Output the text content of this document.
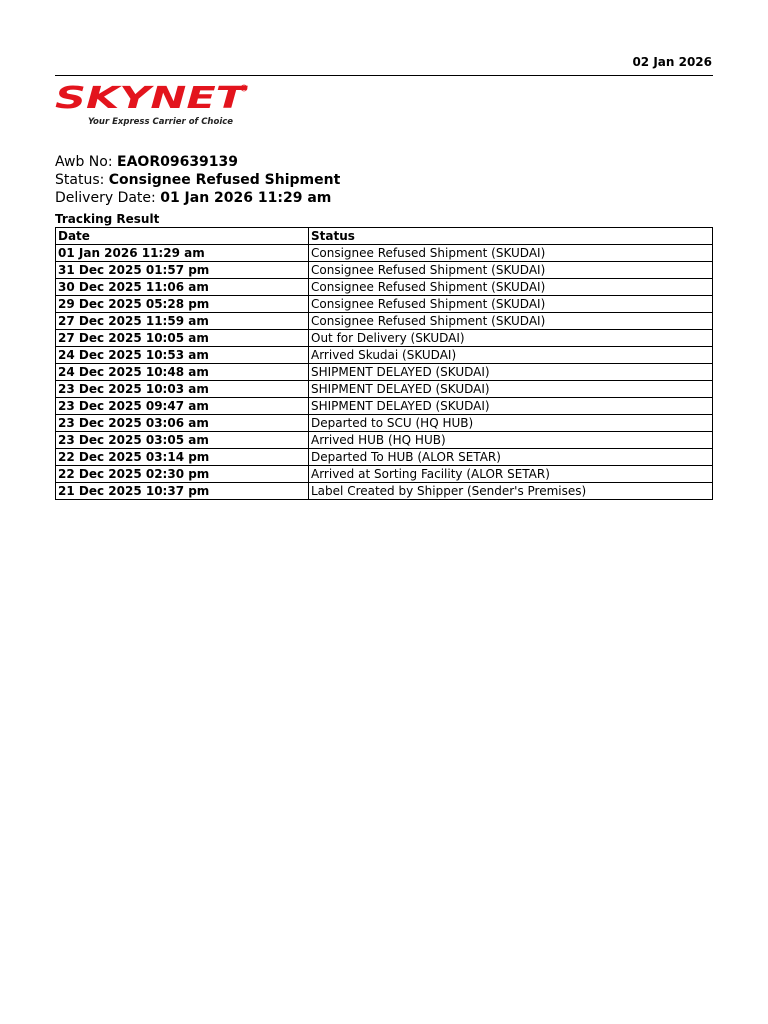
02 Jan 2026
SKYNET
Your Express Carrier of Choice
Awb No: EAOR09639139
Status: Consignee Refused Shipment
Delivery Date: 01 Jan 2026 11:29 am
Tracking Result
Date	Status
01 Jan 2026 11:29 am	Consignee Refused Shipment (SKUDAI)
31 Dec 2025 01:57 pm	Consignee Refused Shipment (SKUDAI)
30 Dec 2025 11:06 am	Consignee Refused Shipment (SKUDAI)
29 Dec 2025 05:28 pm	Consignee Refused Shipment (SKUDAI)
27 Dec 2025 11:59 am	Consignee Refused Shipment (SKUDAI)
27 Dec 2025 10:05 am	Out for Delivery (SKUDAI)
24 Dec 2025 10:53 am	Arrived Skudai (SKUDAI)
24 Dec 2025 10:48 am	SHIPMENT DELAYED (SKUDAI)
23 Dec 2025 10:03 am	SHIPMENT DELAYED (SKUDAI)
23 Dec 2025 09:47 am	SHIPMENT DELAYED (SKUDAI)
23 Dec 2025 03:06 am	Departed to SCU (HQ HUB)
23 Dec 2025 03:05 am	Arrived HUB (HQ HUB)
22 Dec 2025 03:14 pm	Departed To HUB (ALOR SETAR)
22 Dec 2025 02:30 pm	Arrived at Sorting Facility (ALOR SETAR)
21 Dec 2025 10:37 pm	Label Created by Shipper (Sender's Premises)
